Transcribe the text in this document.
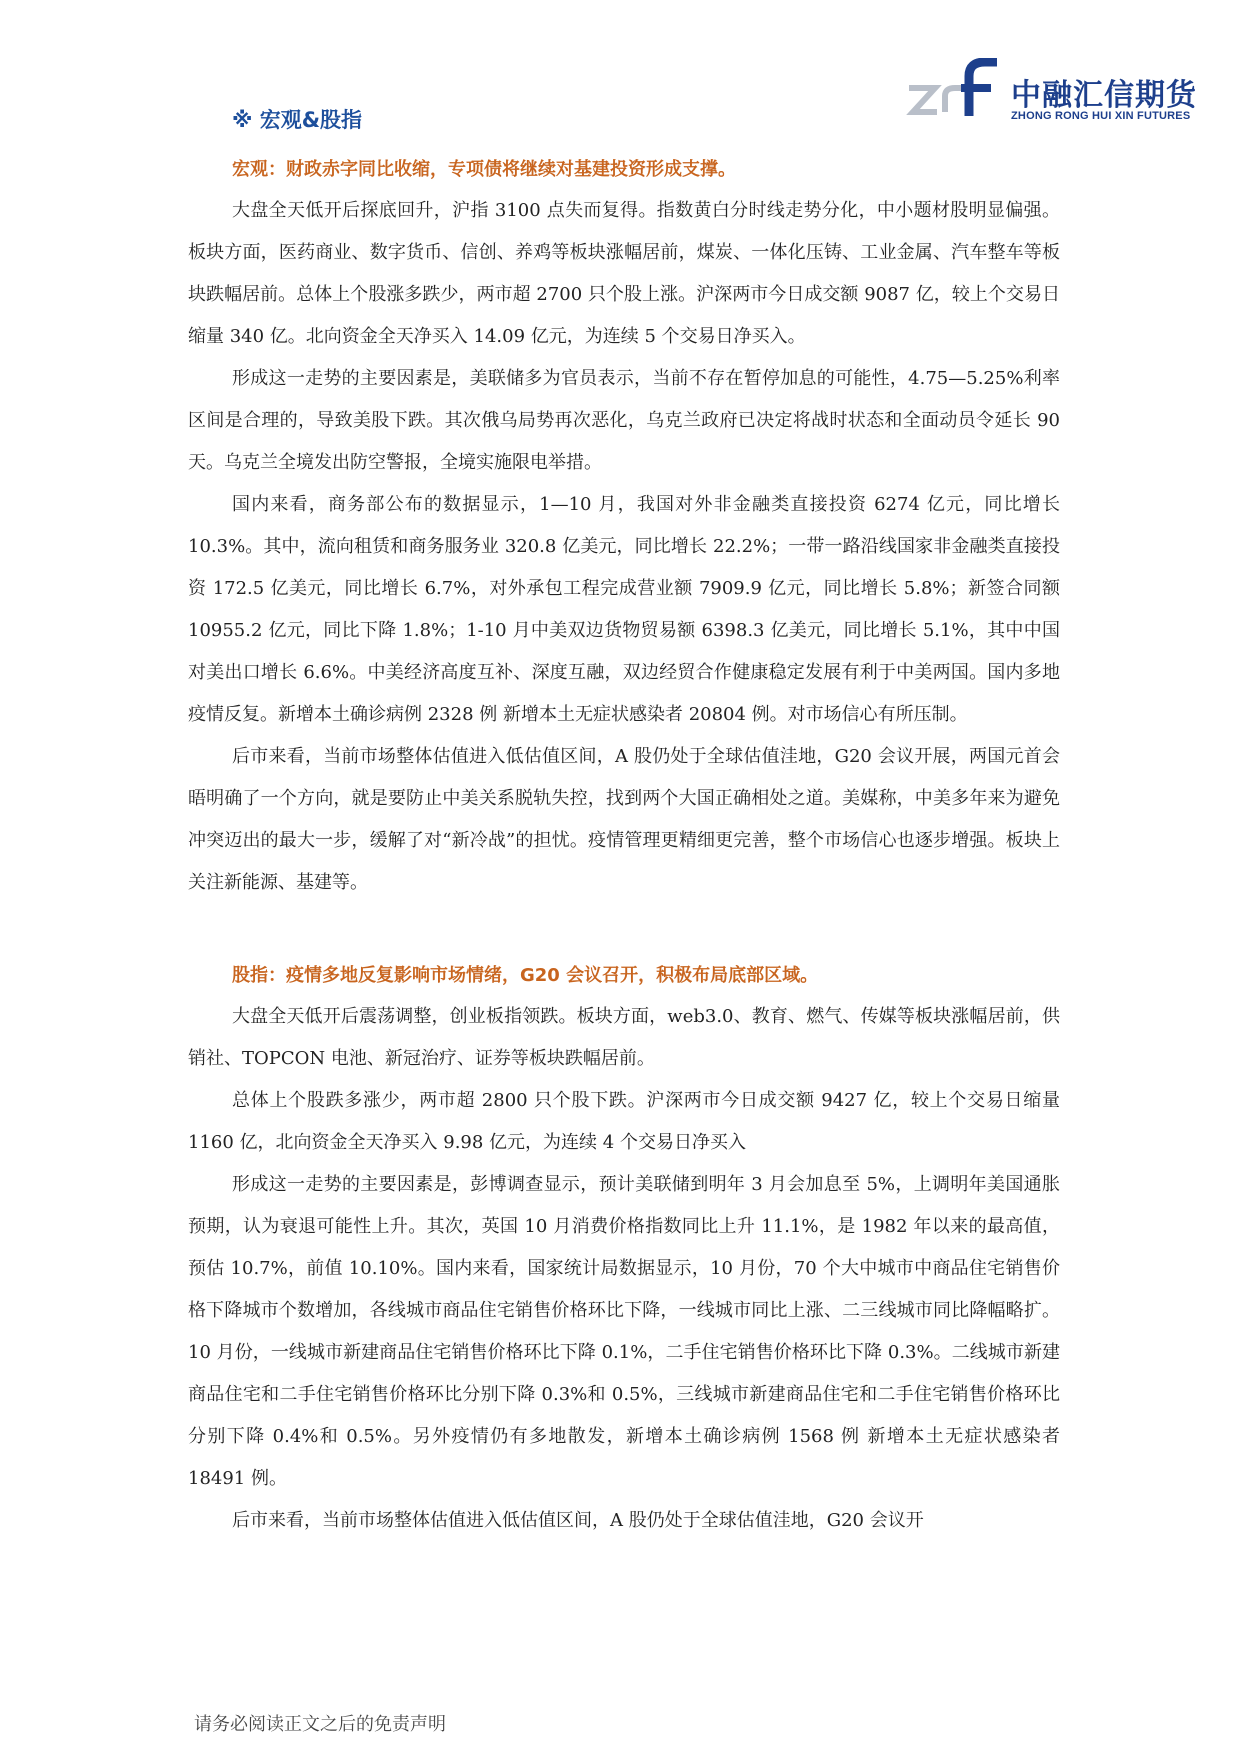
中融汇信期货
ZHONG RONG HUI XIN FUTURES
※ 宏观&股指

宏观：财政赤字同比收缩，专项债将继续对基建投资形成支撑。

大盘全天低开后探底回升，沪指 3100 点失而复得。指数黄白分时线走势分化，中小题材股明显偏强。板块方面，医药商业、数字货币、信创、养鸡等板块涨幅居前，煤炭、一体化压铸、工业金属、汽车整车等板块跌幅居前。总体上个股涨多跌少，两市超 2700 只个股上涨。沪深两市今日成交额 9087 亿，较上个交易日缩量 340 亿。北向资金全天净买入 14.09 亿元，为连续 5 个交易日净买入。

形成这一走势的主要因素是，美联储多为官员表示，当前不存在暂停加息的可能性，4.75—5.25%利率区间是合理的，导致美股下跌。其次俄乌局势再次恶化，乌克兰政府已决定将战时状态和全面动员令延长 90 天。乌克兰全境发出防空警报，全境实施限电举措。

国内来看，商务部公布的数据显示，1—10 月，我国对外非金融类直接投资 6274 亿元，同比增长 10.3%。其中，流向租赁和商务服务业 320.8 亿美元，同比增长 22.2%；一带一路沿线国家非金融类直接投资 172.5 亿美元，同比增长 6.7%，对外承包工程完成营业额 7909.9 亿元，同比增长 5.8%；新签合同额 10955.2 亿元，同比下降 1.8%；1-10 月中美双边货物贸易额 6398.3 亿美元，同比增长 5.1%，其中中国对美出口增长 6.6%。中美经济高度互补、深度互融，双边经贸合作健康稳定发展有利于中美两国。国内多地疫情反复。新增本土确诊病例 2328 例 新增本土无症状感染者 20804 例。对市场信心有所压制。

后市来看，当前市场整体估值进入低估值区间，A 股仍处于全球估值洼地，G20 会议开展，两国元首会晤明确了一个方向，就是要防止中美关系脱轨失控，找到两个大国正确相处之道。美媒称，中美多年来为避免冲突迈出的最大一步，缓解了对“新冷战”的担忧。疫情管理更精细更完善，整个市场信心也逐步增强。板块上关注新能源、基建等。

股指：疫情多地反复影响市场情绪，G20 会议召开，积极布局底部区域。

大盘全天低开后震荡调整，创业板指领跌。板块方面，web3.0、教育、燃气、传媒等板块涨幅居前，供销社、TOPCON 电池、新冠治疗、证券等板块跌幅居前。

总体上个股跌多涨少，两市超 2800 只个股下跌。沪深两市今日成交额 9427 亿，较上个交易日缩量 1160 亿，北向资金全天净买入 9.98 亿元，为连续 4 个交易日净买入

形成这一走势的主要因素是，彭博调查显示，预计美联储到明年 3 月会加息至 5%，上调明年美国通胀预期，认为衰退可能性上升。其次，英国 10 月消费价格指数同比上升 11.1%，是 1982 年以来的最高值，预估 10.7%，前值 10.10%。国内来看，国家统计局数据显示，10 月份，70 个大中城市中商品住宅销售价格下降城市个数增加，各线城市商品住宅销售价格环比下降，一线城市同比上涨、二三线城市同比降幅略扩。10 月份，一线城市新建商品住宅销售价格环比下降 0.1%，二手住宅销售价格环比下降 0.3%。二线城市新建商品住宅和二手住宅销售价格环比分别下降 0.3%和 0.5%，三线城市新建商品住宅和二手住宅销售价格环比分别下降 0.4%和 0.5%。另外疫情仍有多地散发，新增本土确诊病例 1568 例 新增本土无症状感染者 18491 例。

后市来看，当前市场整体估值进入低估值区间，A 股仍处于全球估值洼地，G20 会议开

请务必阅读正文之后的免责声明
